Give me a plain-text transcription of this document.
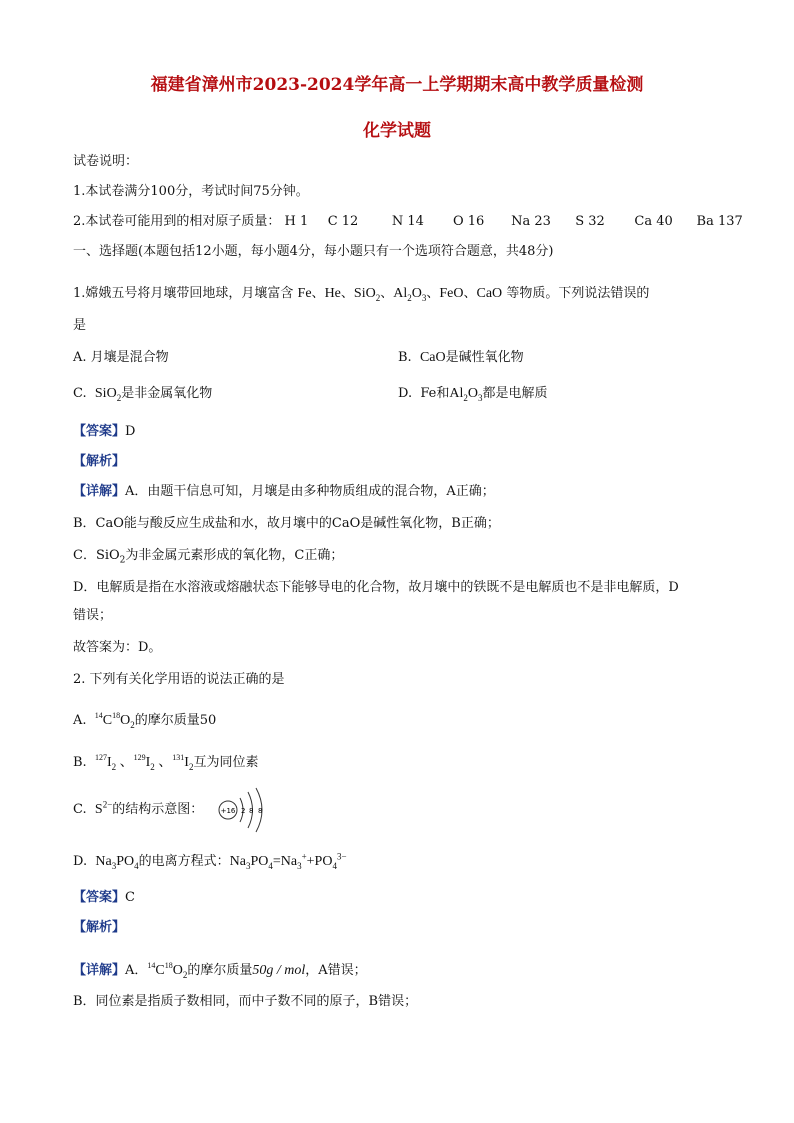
福建省漳州市2023-2024学年高一上学期期末高中教学质量检测
化学试题
试卷说明：
1.本试卷满分100分，考试时间75分钟。
2.本试卷可能用到的相对原子质量： H 1 C 12	N 14 O 16 Na 23 S 32 Ca 40 Ba 137
一、选择题(本题包括12小题，每小题4分，每小题只有一个选项符合题意，共48分)
1.嫦娥五号将月壤带回地球，月壤富含 Fe、He、SiO$_2$、$Al_2O_3$、FeO、CaO 等物质。下列说法错误的
是
A. 月壤是混合物	B. CaO是碱性氧化物
C. SiO$_2$是非金属氧化物	D. Fe和$Al_2O_3$都是电解质
【答案】D
【解析】
【详解】A．由题干信息可知，月壤是由多种物质组成的混合物，A正确；
B．CaO能与酸反应生成盐和水，故月壤中的CaO是碱性氧化物，B正确；
C．SiO$_2$为非金属元素形成的氧化物，C正确；
D．电解质是指在水溶液或熔融状态下能够导电的化合物，故月壤中的铁既不是电解质也不是非电解质，D
错误；
故答案为：D。
2. 下列有关化学用语的说法正确的是
A. $^{14}C^{18}O_2$的摩尔质量50
B. $^{127}I_2$ 、$^{129}I_2$ 、$^{131}I_2$互为同位素
C. $S^{2-}$的结构示意图： +16 2 8 8
D. $Na_3PO_4$的电离方程式：$Na_3PO_4=Na_3^++PO_4^{3-}$
【答案】C
【解析】
【详解】A．$^{14}C^{18}O_2$的摩尔质量50g / mol，A错误；
B．同位素是指质子数相同，而中子数不同的原子，B错误；
